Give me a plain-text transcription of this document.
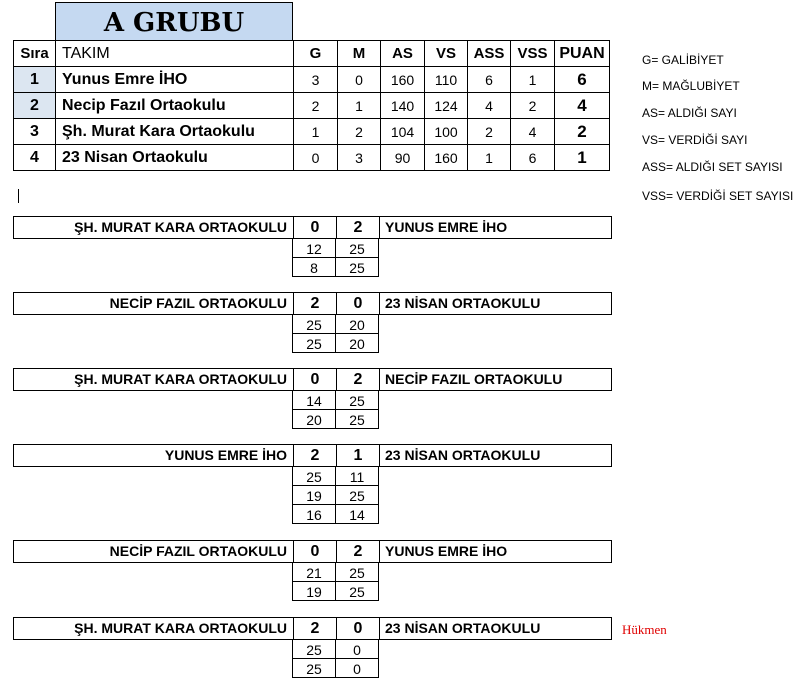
A GRUBU
Sıra	TAKIM	G	M	AS	VS	ASS	VSS	PUAN
1	Yunus Emre İHO	3	0	160	110	6	1	6
2	Necip Fazıl Ortaokulu	2	1	140	124	4	2	4
3	Şh. Murat Kara Ortaokulu	1	2	104	100	2	4	2
4	23 Nisan Ortaokulu	0	3	90	160	1	6	1
G= GALİBİYET
M= MAĞLUBİYET
AS= ALDIĞI SAYI
VS= VERDİĞİ SAYI
ASS= ALDIĞI SET SAYISI
VSS= VERDİĞİ SET SAYISI
ŞH. MURAT KARA ORTAOKULU	0	2	YUNUS EMRE İHO
12	25
8	25
NECİP FAZIL ORTAOKULU	2	0	23 NİSAN ORTAOKULU
25	20
25	20
ŞH. MURAT KARA ORTAOKULU	0	2	NECİP FAZIL ORTAOKULU
14	25
20	25
YUNUS EMRE İHO	2	1	23 NİSAN ORTAOKULU
25	11
19	25
16	14
NECİP FAZIL ORTAOKULU	0	2	YUNUS EMRE İHO
21	25
19	25
ŞH. MURAT KARA ORTAOKULU	2	0	23 NİSAN ORTAOKULU	Hükmen
25	0
25	0
